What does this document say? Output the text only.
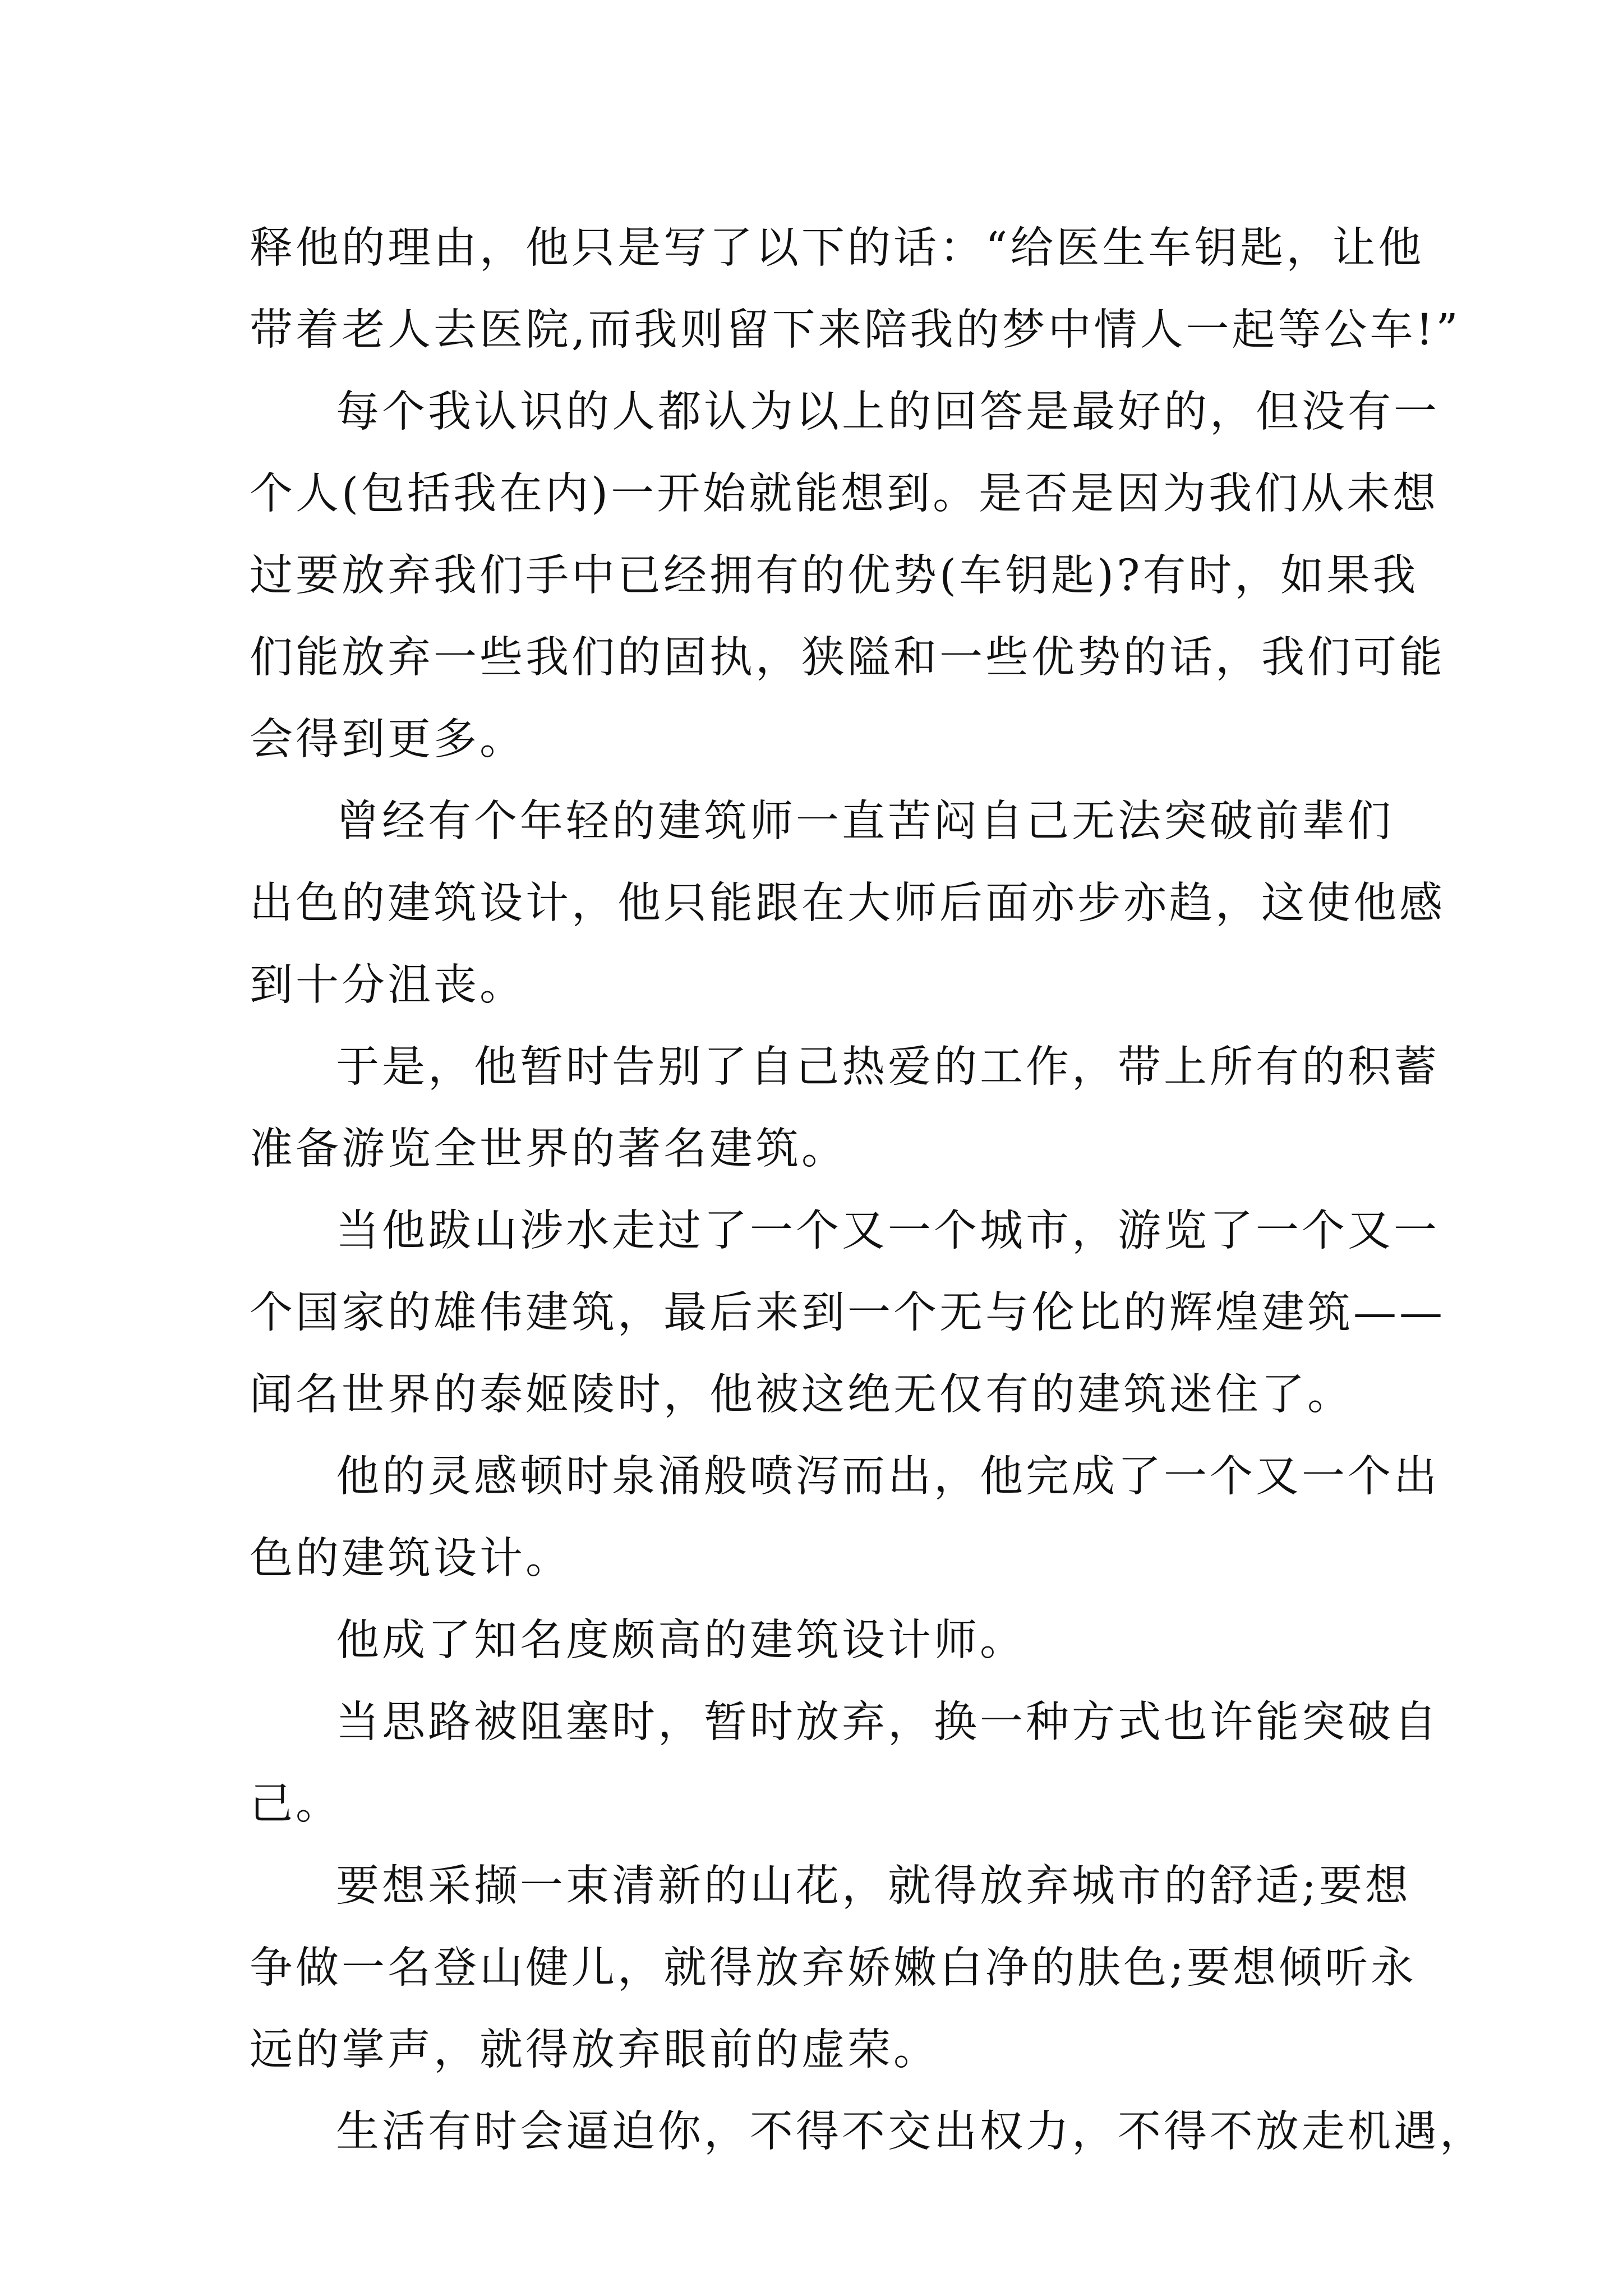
释他的理由，他只是写了以下的话：“给医生车钥匙，让他
带着老人去医院,而我则留下来陪我的梦中情人一起等公车!”
每个我认识的人都认为以上的回答是最好的，但没有一
个人(包括我在内)一开始就能想到。是否是因为我们从未想
过要放弃我们手中已经拥有的优势(车钥匙)?有时，如果我
们能放弃一些我们的固执，狭隘和一些优势的话，我们可能
会得到更多。
曾经有个年轻的建筑师一直苦闷自己无法突破前辈们
出色的建筑设计，他只能跟在大师后面亦步亦趋，这使他感
到十分沮丧。
于是，他暂时告别了自己热爱的工作，带上所有的积蓄
准备游览全世界的著名建筑。
当他跋山涉水走过了一个又一个城市，游览了一个又一
个国家的雄伟建筑，最后来到一个无与伦比的辉煌建筑——
闻名世界的泰姬陵时，他被这绝无仅有的建筑迷住了。
他的灵感顿时泉涌般喷泻而出，他完成了一个又一个出
色的建筑设计。
他成了知名度颇高的建筑设计师。
当思路被阻塞时，暂时放弃，换一种方式也许能突破自
己。
要想采撷一束清新的山花，就得放弃城市的舒适;要想
争做一名登山健儿，就得放弃娇嫩白净的肤色;要想倾听永
远的掌声，就得放弃眼前的虚荣。
生活有时会逼迫你，不得不交出权力，不得不放走机遇，
